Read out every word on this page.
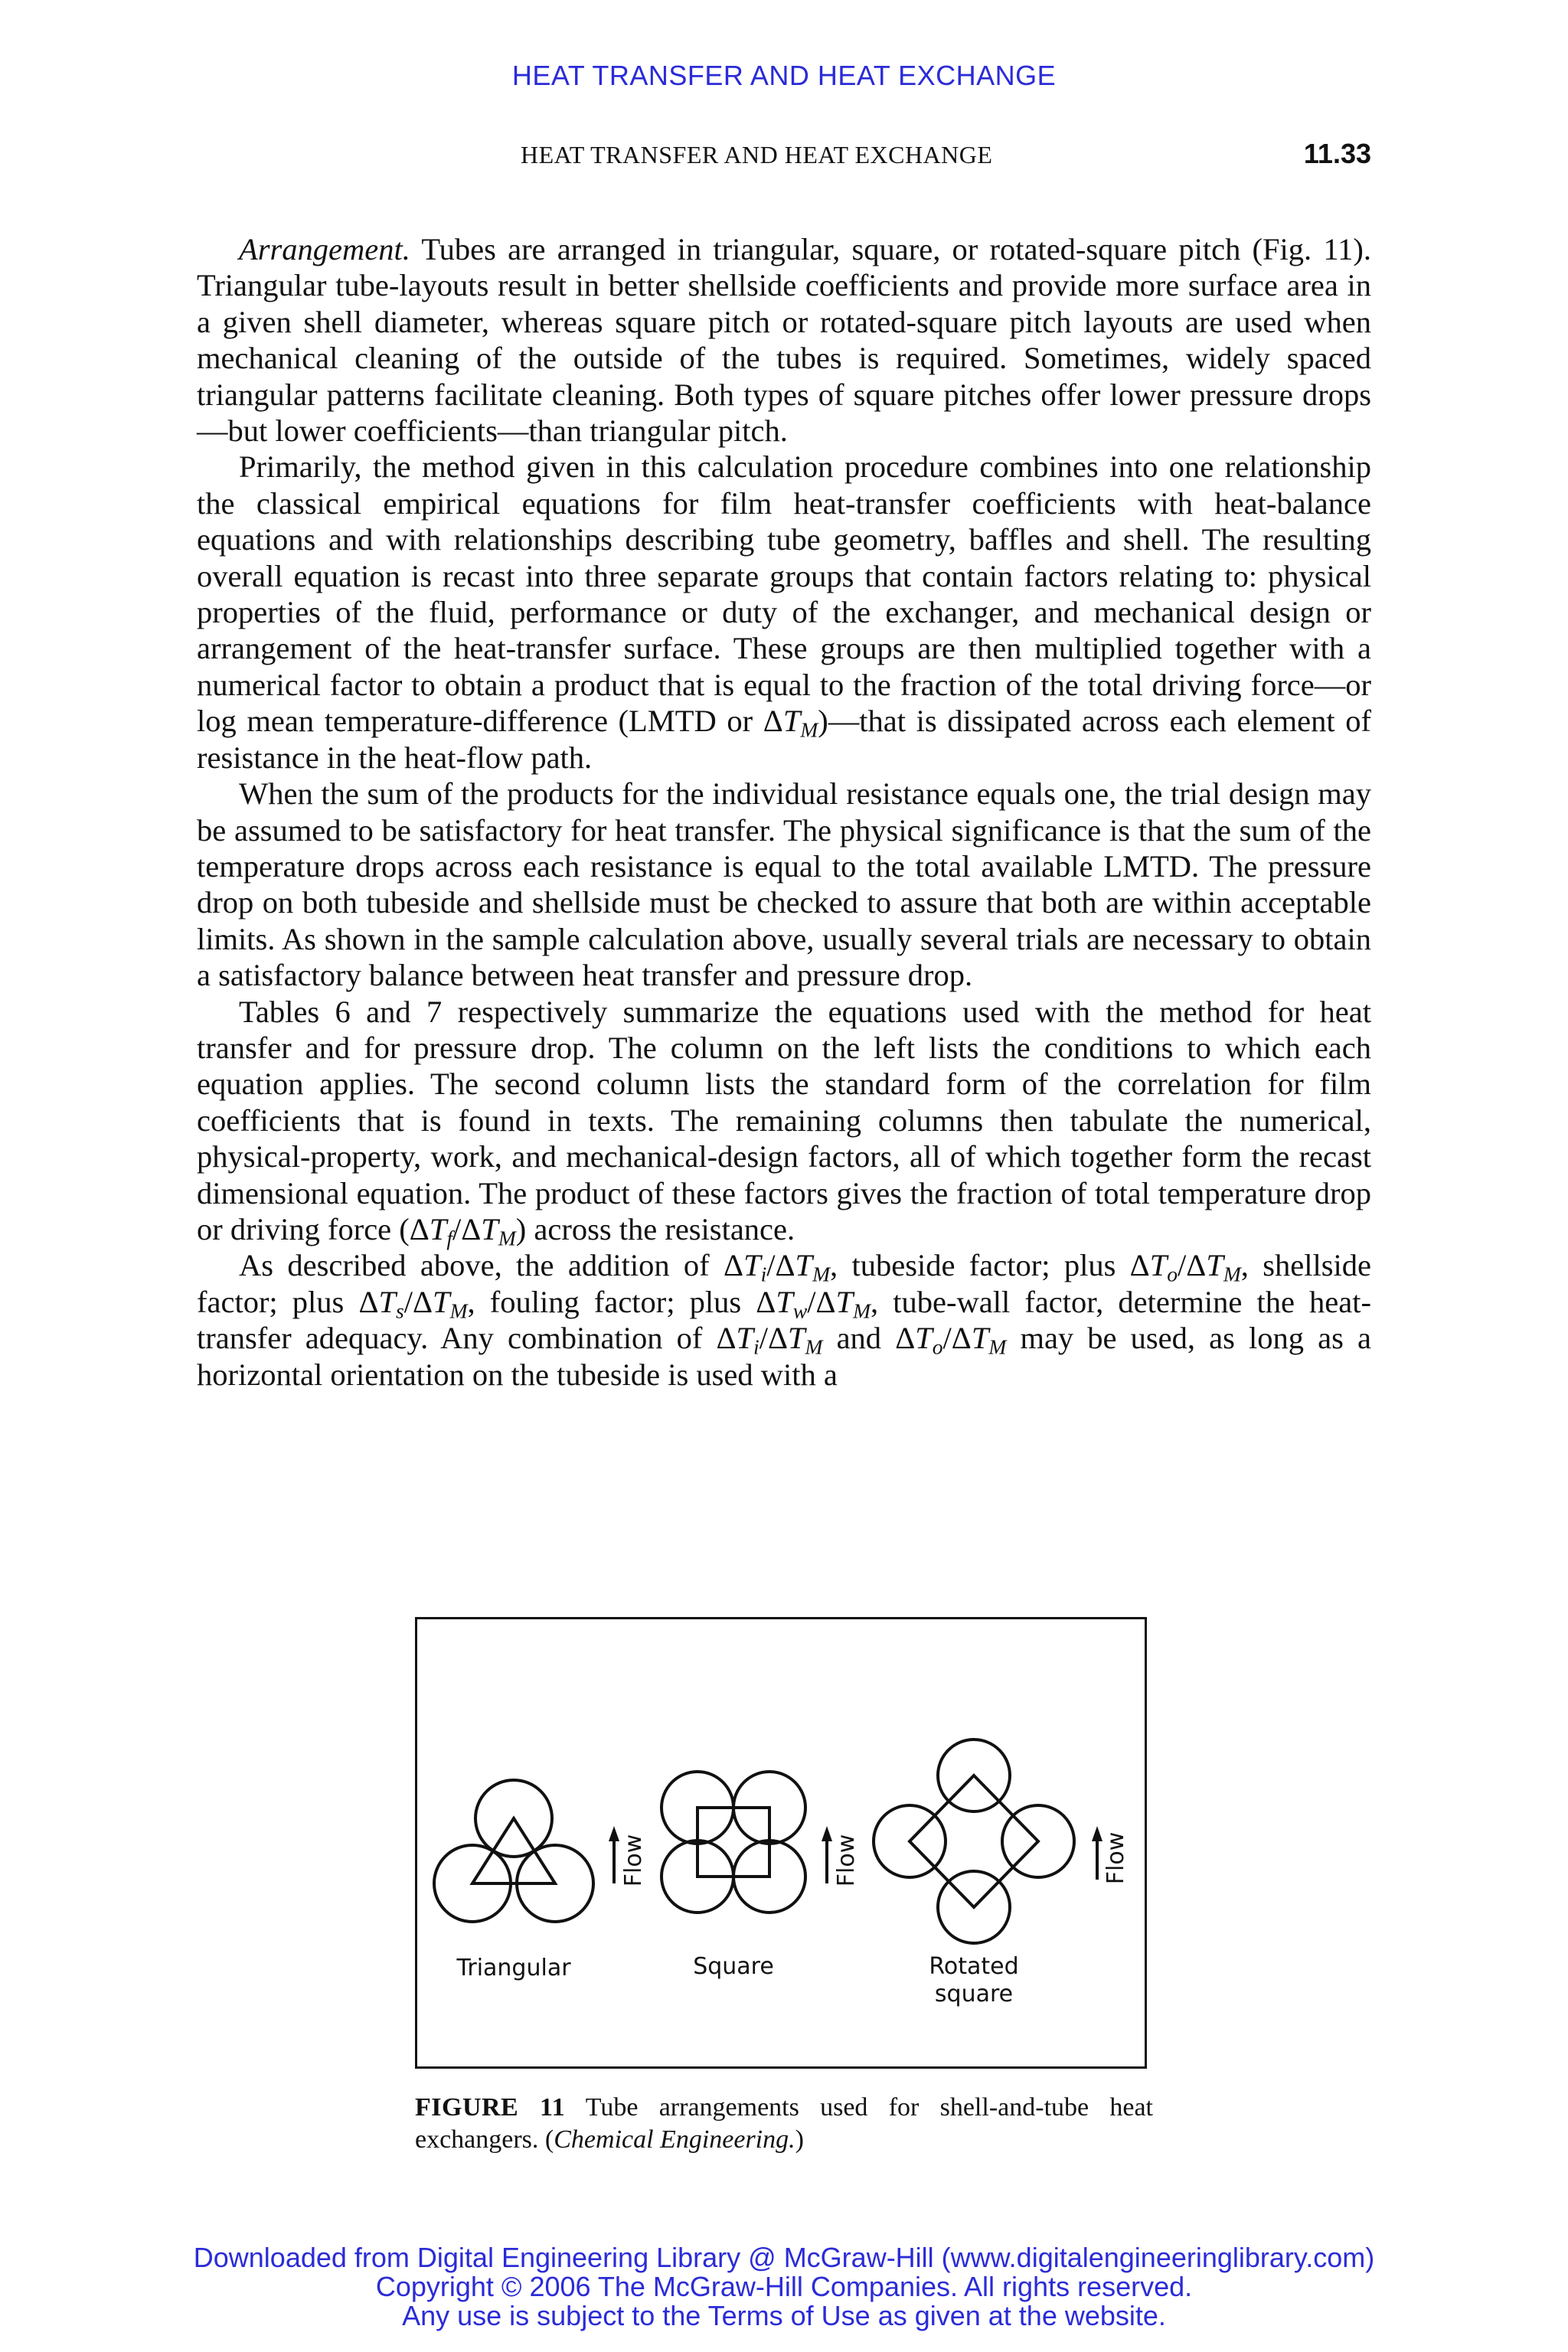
HEAT TRANSFER AND HEAT EXCHANGE
HEAT TRANSFER AND HEAT EXCHANGE	11.33

Arrangement. Tubes are arranged in triangular, square, or rotated-square pitch (Fig. 11). Triangular tube-layouts result in better shellside coefficients and provide more surface area in a given shell diameter, whereas square pitch or rotated-square pitch layouts are used when mechanical cleaning of the outside of the tubes is required. Sometimes, widely spaced triangular patterns facilitate cleaning. Both types of square pitches offer lower pressure drops—but lower coefficients—than triangular pitch.

Primarily, the method given in this calculation procedure combines into one relationship the classical empirical equations for film heat-transfer coefficients with heat-balance equations and with relationships describing tube geometry, baffles and shell. The resulting overall equation is recast into three separate groups that contain factors relating to: physical properties of the fluid, performance or duty of the exchanger, and mechanical design or arrangement of the heat-transfer surface. These groups are then multiplied together with a numerical factor to obtain a product that is equal to the fraction of the total driving force—or log mean temperature-difference (LMTD or $\Delta T_M)—that$ is dissipated across each element of resistance in the heat-flow path.

When the sum of the products for the individual resistance equals one, the trial design may be assumed to be satisfactory for heat transfer. The physical significance is that the sum of the temperature drops across each resistance is equal to the total available LMTD. The pressure drop on both tubeside and shellside must be checked to assure that both are within acceptable limits. As shown in the sample calculation above, usually several trials are necessary to obtain a satisfactory balance between heat transfer and pressure drop.

Tables 6 and 7 respectively summarize the equations used with the method for heat transfer and for pressure drop. The column on the left lists the conditions to which each equation applies. The second column lists the standard form of the correlation for film coefficients that is found in texts. The remaining columns then tabulate the numerical, physical-property, work, and mechanical-design factors, all of which together form the recast dimensional equation. The product of these factors gives the fraction of total temperature drop or driving force $(\Delta T_f/\Delta T_M)$ across the resistance.

As described above, the addition of $\Delta T_i/\Delta T_M$, tubeside factor; plus $\Delta T_o/\Delta T_M$, shellside factor; plus $\Delta T_s/\Delta T_M$, fouling factor; plus $\Delta T_w/\Delta T_M$, tube-wall factor, determine the heat-transfer adequacy. Any combination of $\Delta T_i/\Delta T_M$ and $\Delta T_o/\Delta T_M$ may be used, as long as a horizontal orientation on the tubeside is used with a

Flow	Flow	Flow
Triangular	Square	Rotated
square
FIGURE 11 Tube arrangements used for shell-and-tube heat exchangers. (Chemical Engineering.)
Downloaded from Digital Engineering Library @ McGraw-Hill (www.digitalengineeringlibrary.com)
Copyright © 2006 The McGraw-Hill Companies. All rights reserved.
Any use is subject to the Terms of Use as given at the website.
